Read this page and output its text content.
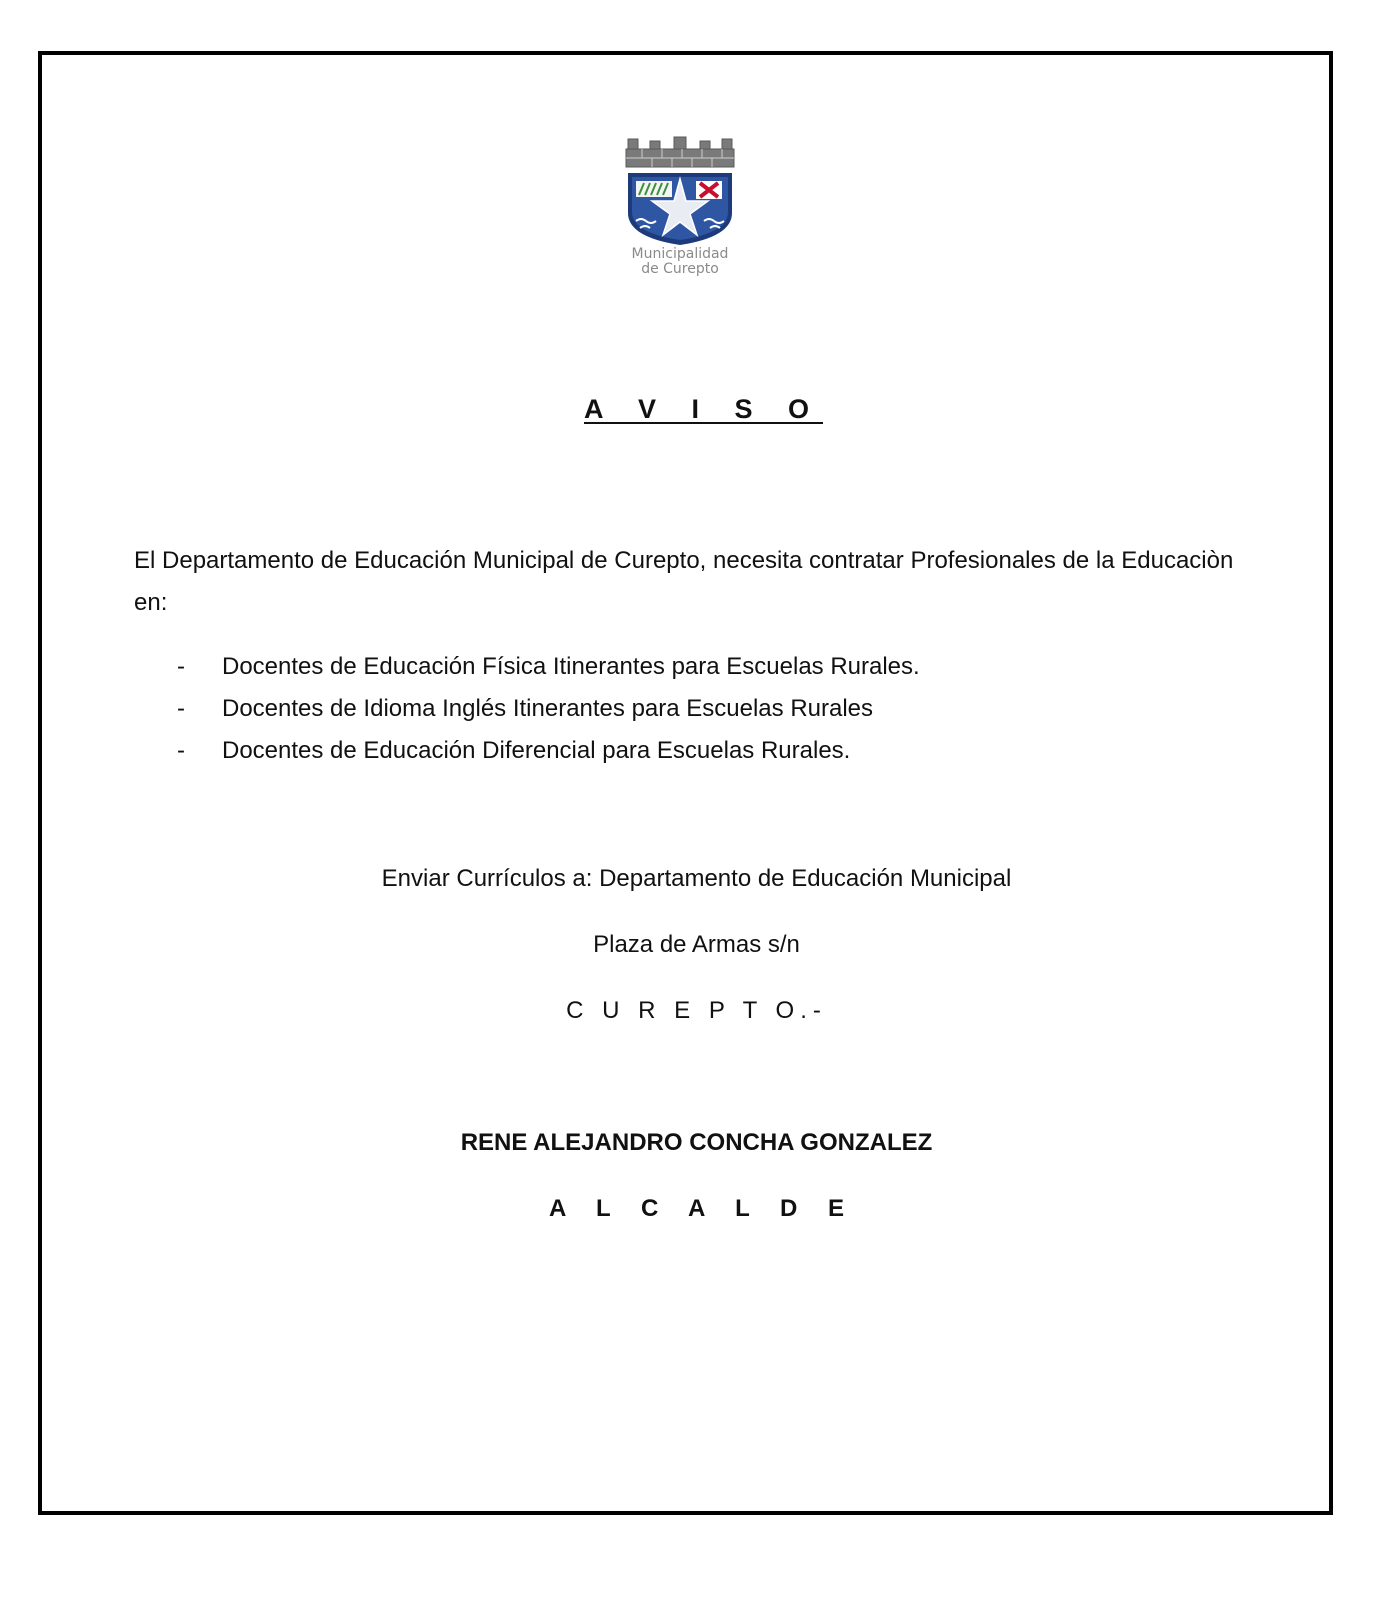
Municipalidad
de Curepto
A V I S O
El Departamento de Educación Municipal de Curepto, necesita contratar Profesionales de la Educaciòn en:
- Docentes de Educación Física Itinerantes para Escuelas Rurales.
- Docentes de Idioma Inglés Itinerantes para Escuelas Rurales
- Docentes de Educación Diferencial para Escuelas Rurales.
Enviar Currículos a: Departamento de Educación Municipal
Plaza de Armas s/n
C U R E P T O.-
RENE ALEJANDRO CONCHA GONZALEZ
A L C A L D E
